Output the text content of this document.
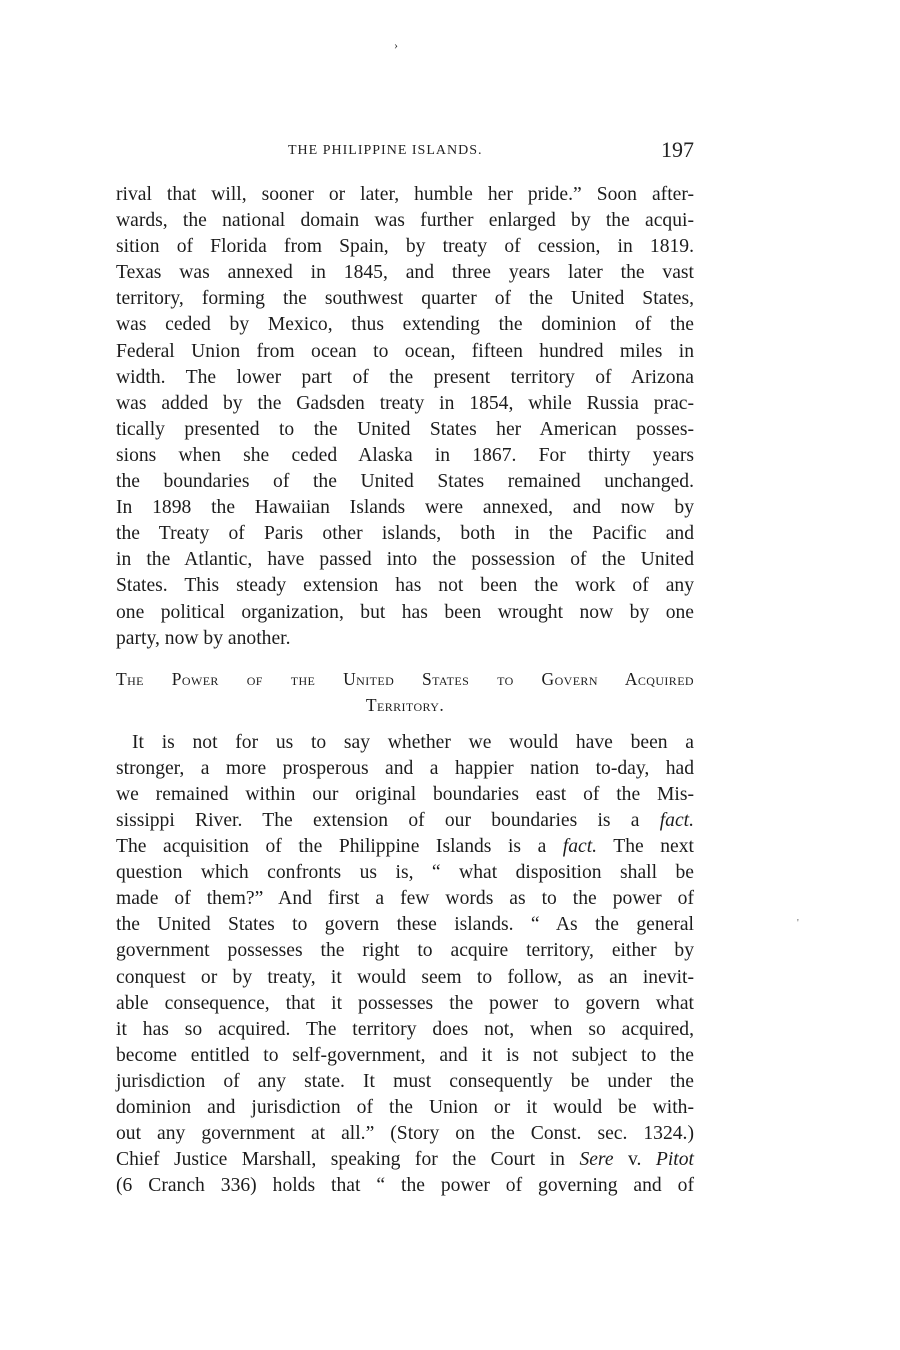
›
'
THE PHILIPPINE ISLANDS.	197
rival that will, sooner or later, humble her pride.” Soon after-
wards, the national domain was further enlarged by the acqui-
sition of Florida from Spain, by treaty of cession, in 1819.
Texas was annexed in 1845, and three years later the vast
territory, forming the southwest quarter of the United States,
was ceded by Mexico, thus extending the dominion of the
Federal Union from ocean to ocean, fifteen hundred miles in
width. The lower part of the present territory of Arizona
was added by the Gadsden treaty in 1854, while Russia prac-
tically presented to the United States her American posses-
sions when she ceded Alaska in 1867. For thirty years
the boundaries of the United States remained unchanged.
In 1898 the Hawaiian Islands were annexed, and now by
the Treaty of Paris other islands, both in the Pacific and
in the Atlantic, have passed into the possession of the United
States. This steady extension has not been the work of any
one political organization, but has been wrought now by one
party, now by another.
The Power of the United States to Govern Acquired
Territory.
It is not for us to say whether we would have been a
stronger, a more prosperous and a happier nation to-day, had
we remained within our original boundaries east of the Mis-
sissippi River. The extension of our boundaries is a fact.
The acquisition of the Philippine Islands is a fact. The next
question which confronts us is, “ what disposition shall be
made of them?” And first a few words as to the power of
the United States to govern these islands. “ As the general
government possesses the right to acquire territory, either by
conquest or by treaty, it would seem to follow, as an inevit-
able consequence, that it possesses the power to govern what
it has so acquired. The territory does not, when so acquired,
become entitled to self-government, and it is not subject to the
jurisdiction of any state. It must consequently be under the
dominion and jurisdiction of the Union or it would be with-
out any government at all.” (Story on the Const. sec. 1324.)
Chief Justice Marshall, speaking for the Court in Sere v. Pitot
(6 Cranch 336) holds that “ the power of governing and of
